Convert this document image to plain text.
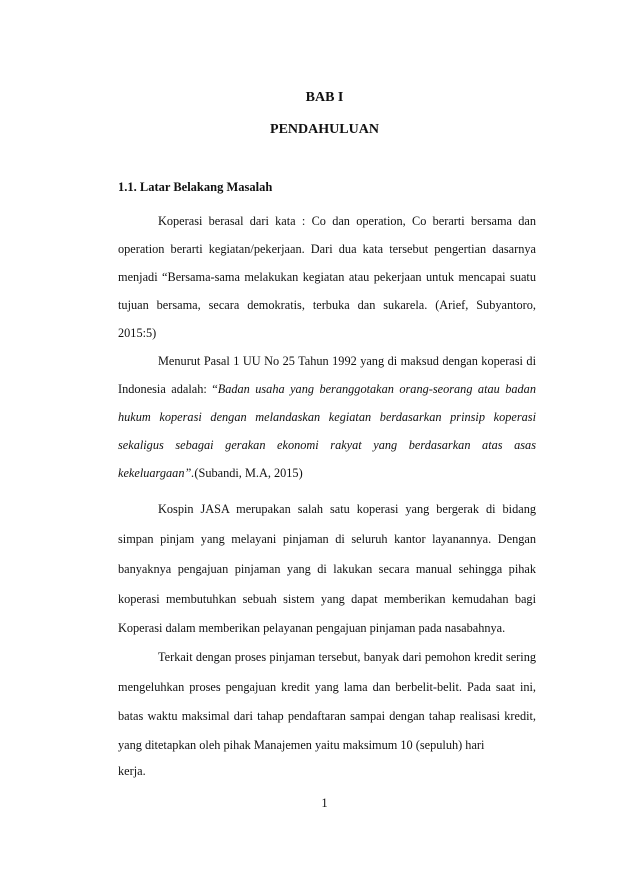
BAB I
PENDAHULUAN
1.1. Latar Belakang Masalah
Koperasi berasal dari kata : Co dan operation, Co berarti bersama dan
operation berarti kegiatan/pekerjaan. Dari dua kata tersebut pengertian dasarnya
menjadi “Bersama-sama melakukan kegiatan atau pekerjaan untuk mencapai suatu
tujuan bersama, secara demokratis, terbuka dan sukarela. (Arief, Subyantoro,
2015:5)
Menurut Pasal 1 UU No 25 Tahun 1992 yang di maksud dengan koperasi di
Indonesia adalah: “Badan usaha yang beranggotakan orang-seorang atau badan
hukum koperasi dengan melandaskan kegiatan berdasarkan prinsip koperasi
sekaligus sebagai gerakan ekonomi rakyat yang berdasarkan atas asas
kekeluargaan”.(Subandi, M.A, 2015)
Kospin JASA merupakan salah satu koperasi yang bergerak di bidang
simpan pinjam yang melayani pinjaman di seluruh kantor layanannya. Dengan
banyaknya pengajuan pinjaman yang di lakukan secara manual sehingga pihak
koperasi membutuhkan sebuah sistem yang dapat memberikan kemudahan bagi
Koperasi dalam memberikan pelayanan pengajuan pinjaman pada nasabahnya.
Terkait dengan proses pinjaman tersebut, banyak dari pemohon kredit sering
mengeluhkan proses pengajuan kredit yang lama dan berbelit-belit. Pada saat ini,
batas waktu maksimal dari tahap pendaftaran sampai dengan tahap realisasi kredit,
yang ditetapkan oleh pihak Manajemen yaitu maksimum 10 (sepuluh) hari
kerja.
1
